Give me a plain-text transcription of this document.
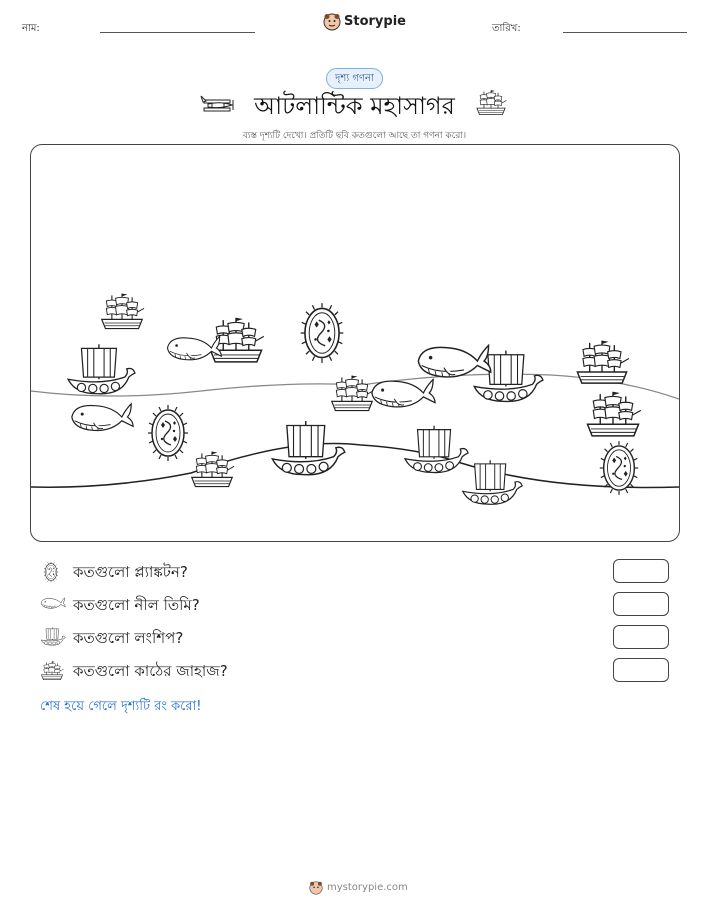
নাম:	Storypie	তারিখ:
দৃশ্য গণনা
আটলান্টিক মহাসাগর
ব্যস্ত দৃশ্যটি দেখো। প্রতিটি ছবি কতগুলো আছে তা গণনা করো।
কতগুলো প্ল্যাঙ্কটন?
কতগুলো নীল তিমি?
কতগুলো লংশিপ?
কতগুলো কাঠের জাহাজ?
শেষ হয়ে গেলে দৃশ্যটি রং করো!
mystorypie.com
